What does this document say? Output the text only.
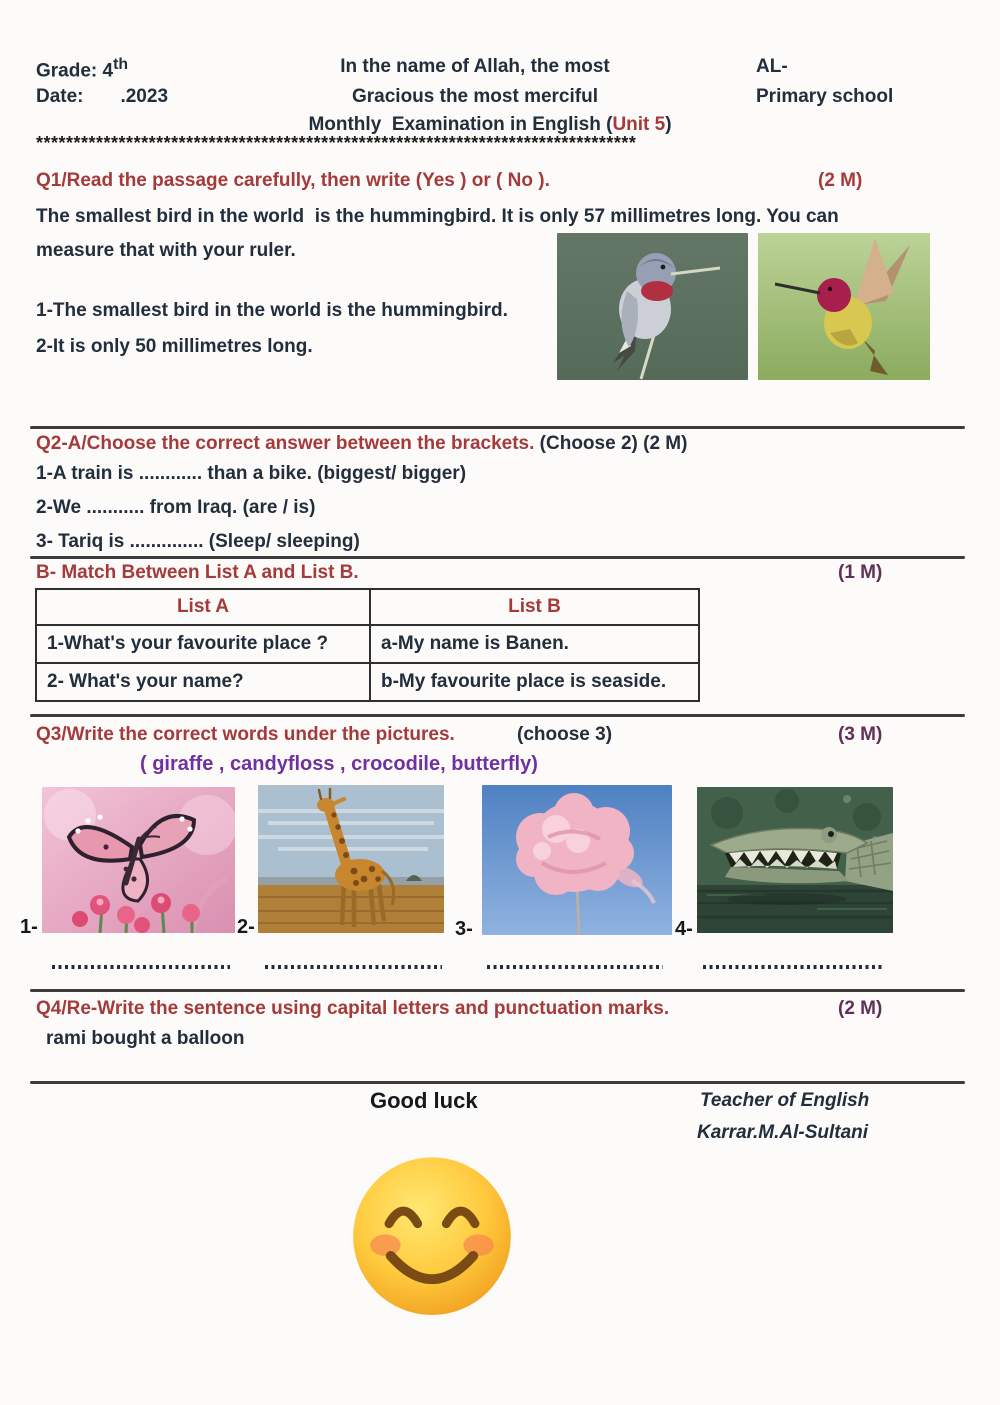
Grade: 4th
Date:       .2023
In the name of Allah, the most
Gracious the most merciful
Monthly  Examination in English (Unit 5)
AL-
Primary school
********************************************************************************
Q1/Read the passage carefully, then write (Yes ) or ( No ).	(2 M)
The smallest bird in the world  is the hummingbird. It is only 57 millimetres long. You can measure that with your ruler.
1-The smallest bird in the world is the hummingbird.
2-It is only 50 millimetres long.
Q2-A/Choose the correct answer between the brackets. (Choose 2) (2 M)
1-A train is ............ than a bike. (biggest/ bigger)
2-We ........... from Iraq. (are / is)
3- Tariq is .............. (Sleep/ sleeping)
B- Match Between List A and List B.	(1 M)
List A	List B
1-What's your favourite place ?	a-My name is Banen.
2- What's your name?	b-My favourite place is seaside.
Q3/Write the correct words under the pictures.	(choose 3)	(3 M)
( giraffe , candyfloss , crocodile, butterfly)
1-	2-	3-	4-
Q4/Re-Write the sentence using capital letters and punctuation marks.	(2 M)
rami bought a balloon
Good luck	Teacher of English
Karrar.M.Al-Sultani
